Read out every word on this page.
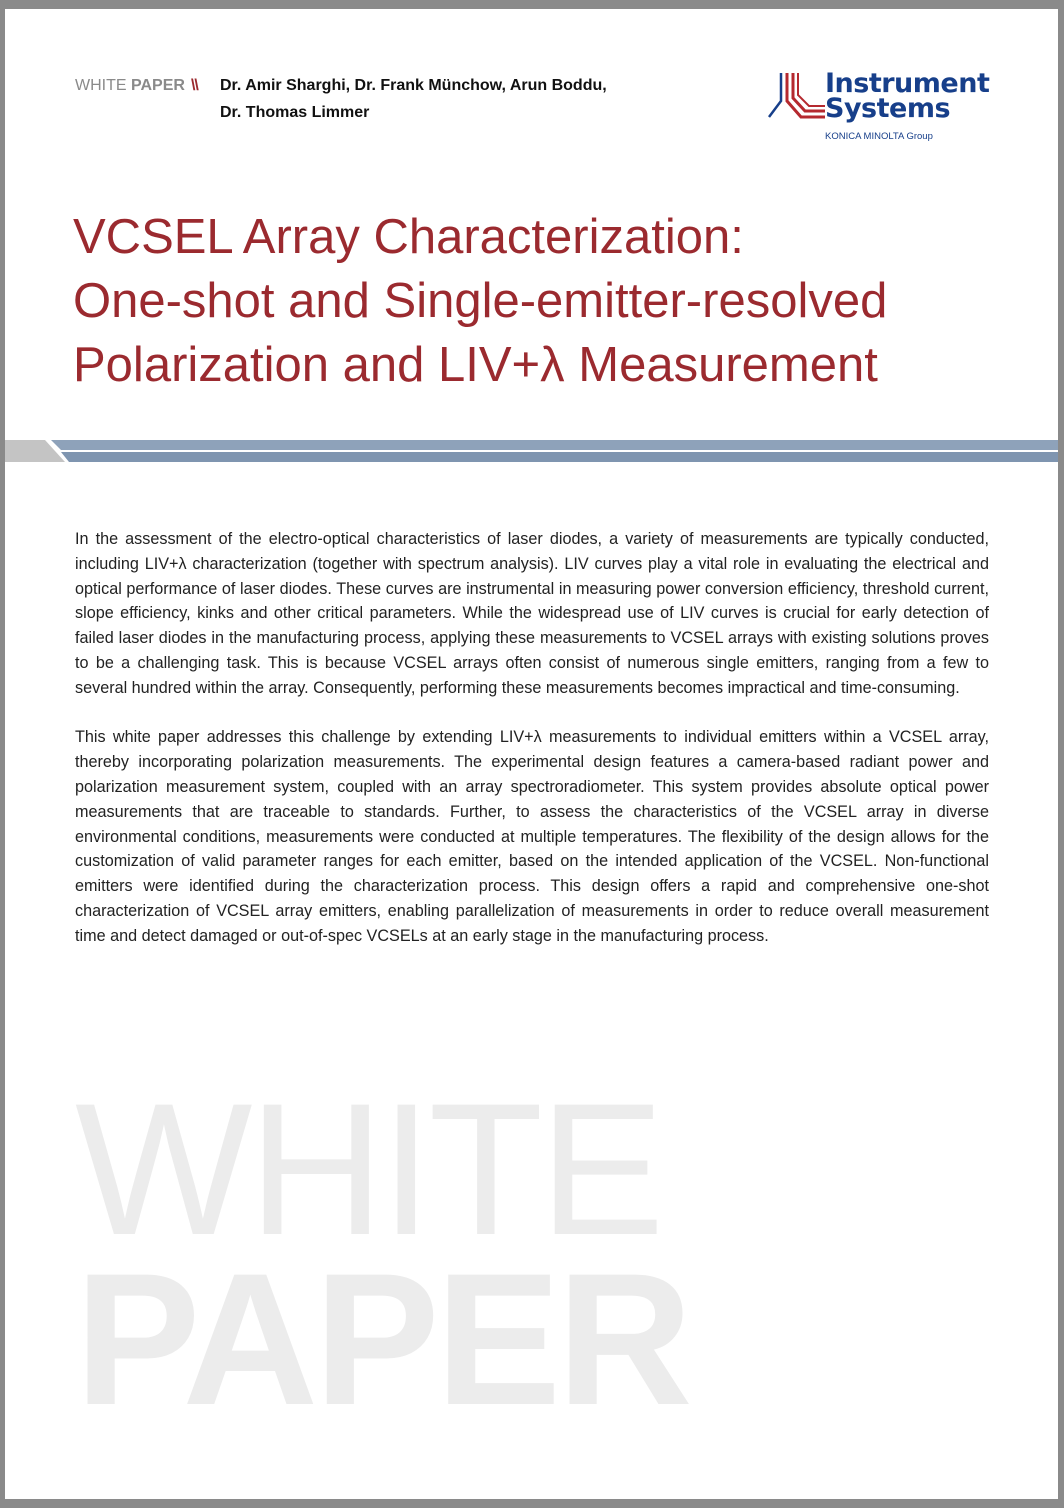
WHITE PAPER \\ Dr. Amir Sharghi, Dr. Frank Münchow, Arun Boddu,
Dr. Thomas Limmer
Instrument
Systems
KONICA MINOLTA Group
VCSEL Array Characterization:
One-shot and Single-emitter-resolved
Polarization and LIV+λ Measurement

In the assessment of the electro-optical characteristics of laser diodes, a variety of measurements are typically conducted, including LIV+λ characterization (together with spectrum analysis). LIV curves play a vital role in evaluating the electrical and optical performance of laser diodes. These curves are instrumental in measuring power conversion efficiency, threshold current, slope efficiency, kinks and other critical parameters. While the widespread use of LIV curves is crucial for early detection of failed laser diodes in the manufacturing process, applying these measurements to VCSEL arrays with existing solutions proves to be a challenging task. This is because VCSEL arrays often consist of numerous single emitters, ranging from a few to several hundred within the array. Consequently, performing these measurements becomes impractical and time-consuming.

This white paper addresses this challenge by extending LIV+λ measurements to individual emitters within a VCSEL array, thereby incorporating polarization measurements. The experimental design features a camera-based radiant power and polarization measurement system, coupled with an array spectroradiometer. This system provides absolute optical power measurements that are traceable to standards. Further, to assess the characteristics of the VCSEL array in diverse environmental conditions, measurements were conducted at multiple temperatures. The flexibility of the design allows for the customization of valid parameter ranges for each emitter, based on the intended application of the VCSEL. Non-functional emitters were identified during the characterization process. This design offers a rapid and comprehensive one-shot characterization of VCSEL array emitters, enabling parallelization of measurements in order to reduce overall measurement time and detect damaged or out-of-spec VCSELs at an early stage in the manufacturing process.

WHITE
PAPER
